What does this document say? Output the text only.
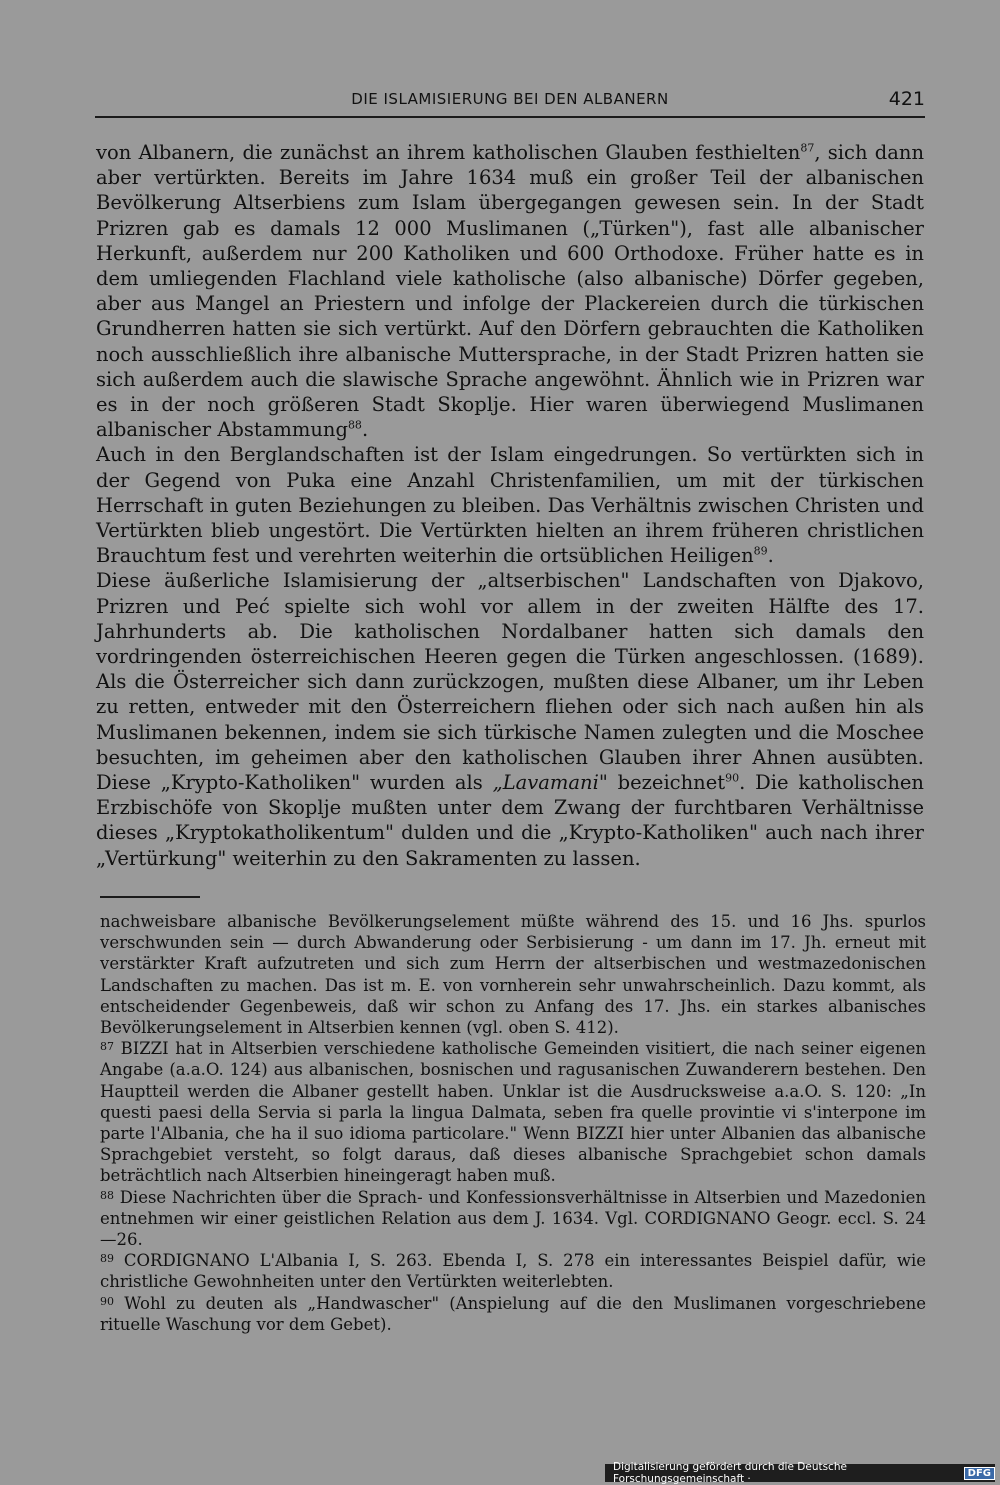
DIE ISLAMISIERUNG BEI DEN ALBANERN	421

von Albanern, die zunächst an ihrem katholischen Glauben festhielten$^{87}$, sich dann aber vertürkten. Bereits im Jahre 1634 muß ein großer Teil der albanischen Bevölkerung Altserbiens zum Islam übergegangen gewesen sein. In der Stadt Prizren gab es damals 12 000 Muslimanen („Türken"), fast alle albanischer Herkunft, außerdem nur 200 Katholiken und 600 Orthodoxe. Früher hatte es in dem umliegenden Flachland viele katholische (also albanische) Dörfer gegeben, aber aus Mangel an Priestern und infolge der Plackereien durch die türkischen Grundherren hatten sie sich vertürkt. Auf den Dörfern gebrauchten die Katholiken noch ausschließlich ihre albanische Muttersprache, in der Stadt Prizren hatten sie sich außerdem auch die slawische Sprache angewöhnt. Ähnlich wie in Prizren war es in der noch größeren Stadt Skoplje. Hier waren überwiegend Muslimanen albanischer Abstammung$^{88}$.

Auch in den Berglandschaften ist der Islam eingedrungen. So vertürkten sich in der Gegend von Puka eine Anzahl Christenfamilien, um mit der türkischen Herrschaft in guten Beziehungen zu bleiben. Das Verhältnis zwischen Christen und Vertürkten blieb ungestört. Die Vertürkten hielten an ihrem früheren christlichen Brauchtum fest und verehrten weiterhin die ortsüblichen Heiligen$^{89}$.

Diese äußerliche Islamisierung der „altserbischen" Landschaften von Djakovo, Prizren und Peć spielte sich wohl vor allem in der zweiten Hälfte des 17. Jahrhunderts ab. Die katholischen Nordalbaner hatten sich damals den vordringenden österreichischen Heeren gegen die Türken angeschlossen. (1689). Als die Österreicher sich dann zurückzogen, mußten diese Albaner, um ihr Leben zu retten, entweder mit den Österreichern fliehen oder sich nach außen hin als Muslimanen bekennen, indem sie sich türkische Namen zulegten und die Moschee besuchten, im geheimen aber den katholischen Glauben ihrer Ahnen ausübten. Diese „Krypto-Katholiken" wurden als „Lavamani" bezeichnet$^{90}$. Die katholischen Erzbischöfe von Skoplje mußten unter dem Zwang der furchtbaren Verhältnisse dieses „Kryptokatholikentum" dulden und die „Krypto-Katholiken" auch nach ihrer „Vertürkung" weiterhin zu den Sakramenten zu lassen.

nachweisbare albanische Bevölkerungselement müßte während des 15. und 16 Jhs. spurlos verschwunden sein — durch Abwanderung oder Serbisierung - um dann im 17. Jh. erneut mit verstärkter Kraft aufzutreten und sich zum Herrn der altserbischen und westmazedonischen Landschaften zu machen. Das ist m. E. von vornherein sehr unwahrscheinlich. Dazu kommt, als entscheidender Gegenbeweis, daß wir schon zu Anfang des 17. Jhs. ein starkes albanisches Bevölkerungselement in Altserbien kennen (vgl. oben S. 412).

$^{87}$ BIZZI hat in Altserbien verschiedene katholische Gemeinden visitiert, die nach seiner eigenen Angabe (a.a.O. 124) aus albanischen, bosnischen und ragusanischen Zuwanderern bestehen. Den Hauptteil werden die Albaner gestellt haben. Unklar ist die Ausdrucksweise a.a.O. S. 120: „In questi paesi della Servia si parla la lingua Dalmata, seben fra quelle provintie vi s'interpone im parte l'Albania, che ha il suo idioma particolare." Wenn BIZZI hier unter Albanien das albanische Sprachgebiet versteht, so folgt daraus, daß dieses albanische Sprachgebiet schon damals beträchtlich nach Altserbien hineingeragt haben muß.

$^{88}$ Diese Nachrichten über die Sprach- und Konfessionsverhältnisse in Altserbien und Mazedonien entnehmen wir einer geistlichen Relation aus dem J. 1634. Vgl. CORDIGNANO Geogr. eccl. S. 24—26.

$^{89}$ CORDIGNANO L'Albania I, S. 263. Ebenda I, S. 278 ein interessantes Beispiel dafür, wie christliche Gewohnheiten unter den Vertürkten weiterlebten.

$^{90}$ Wohl zu deuten als „Handwascher" (Anspielung auf die den Muslimanen vorgeschriebene rituelle Waschung vor dem Gebet).

Digitalisierung gefördert durch die Deutsche Forschungsgemeinschaft ·	DFG
